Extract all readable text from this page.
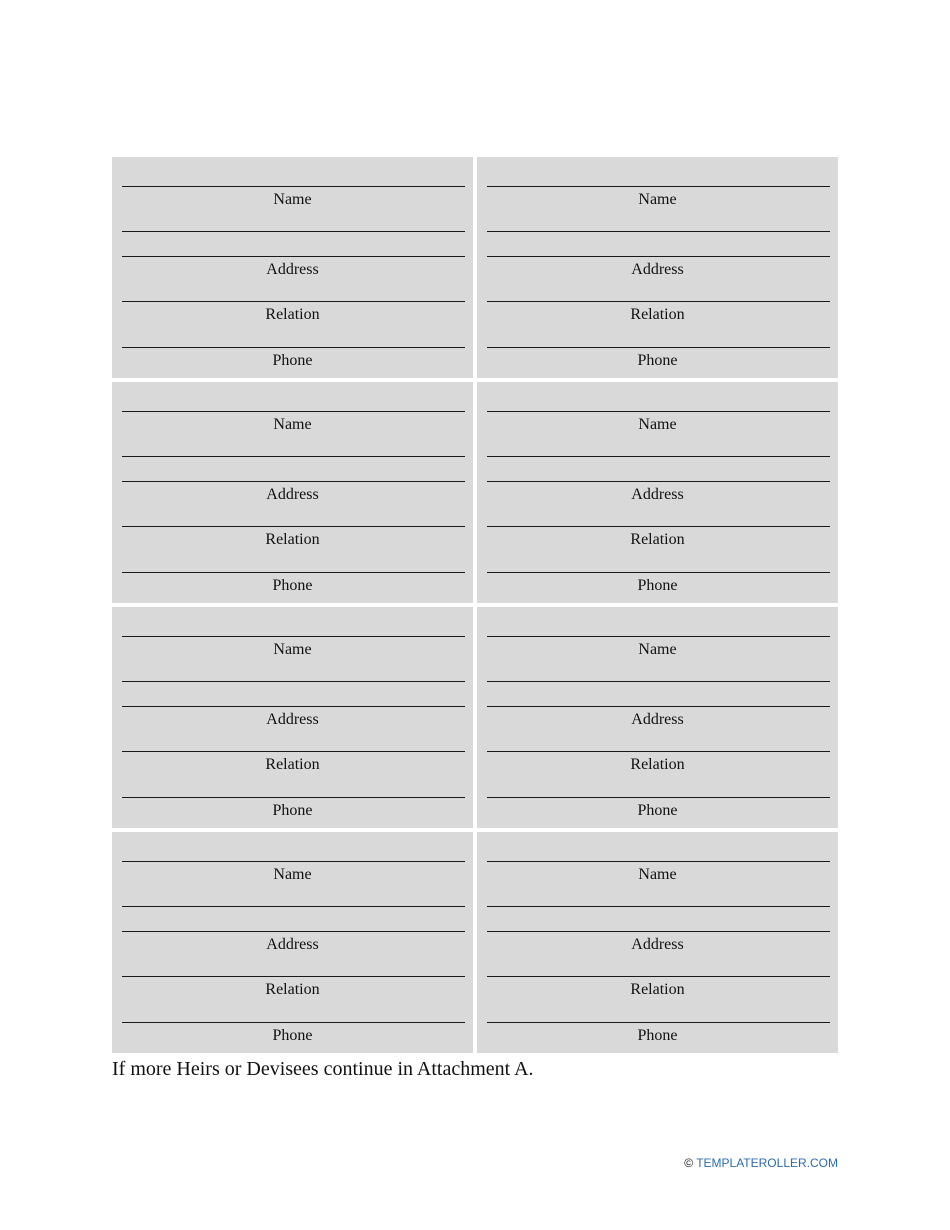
Name
Address
Relation
Phone
Name
Address
Relation
Phone
Name
Address
Relation
Phone
Name
Address
Relation
Phone
Name
Address
Relation
Phone
Name
Address
Relation
Phone
Name
Address
Relation
Phone
Name
Address
Relation
Phone
If more Heirs or Devisees continue in Attachment A.
© TEMPLATEROLLER.COM
